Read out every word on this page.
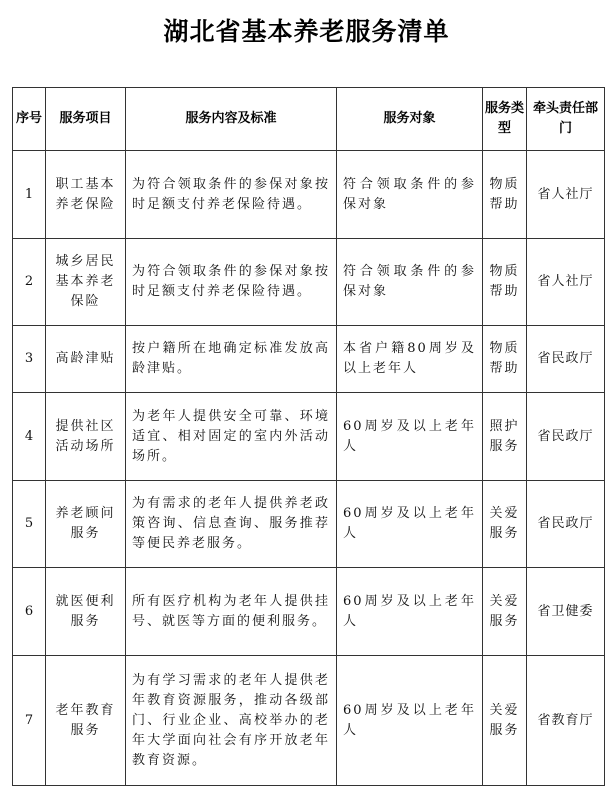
湖北省基本养老服务清单
序号	服务项目	服务内容及标准	服务对象	服务类型	牵头责任部门
1	职工基本养老保险	为符合领取条件的参保对象按时足额支付养老保险待遇。	符合领取条件的参保对象	物质帮助	省人社厅
2	城乡居民基本养老保险	为符合领取条件的参保对象按时足额支付养老保险待遇。	符合领取条件的参保对象	物质帮助	省人社厅
3	高龄津贴	按户籍所在地确定标准发放高龄津贴。	本省户籍80周岁及以上老年人	物质帮助	省民政厅
4	提供社区活动场所	为老年人提供安全可靠、环境适宜、相对固定的室内外活动场所。	60周岁及以上老年人	照护服务	省民政厅
5	养老顾问服务	为有需求的老年人提供养老政策咨询、信息查询、服务推荐等便民养老服务。	60周岁及以上老年人	关爱服务	省民政厅
6	就医便利服务	所有医疗机构为老年人提供挂号、就医等方面的便利服务。	60周岁及以上老年人	关爱服务	省卫健委
7	老年教育服务	为有学习需求的老年人提供老年教育资源服务，推动各级部门、行业企业、高校举办的老年大学面向社会有序开放老年教育资源。	60周岁及以上老年人	关爱服务	省教育厅
